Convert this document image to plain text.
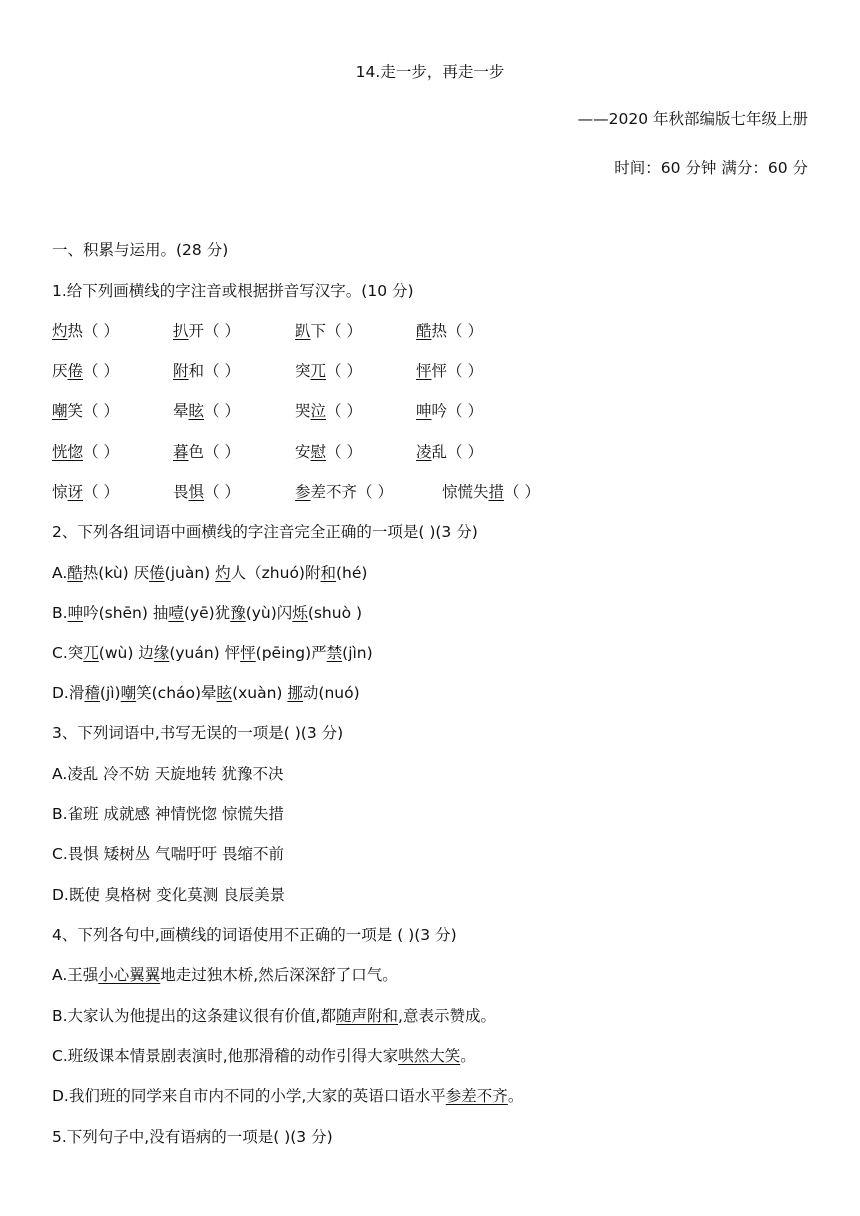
14.走一步，再走一步
——2020 年秋部编版七年级上册
时间：60 分钟 满分：60 分
一、积累与运用。(28 分)
1.给下列画横线的字注音或根据拼音写汉字。(10 分)
灼热（ ）	扒开（ ）	趴下（ ）	酷热（ ）
厌倦（ ）	附和（ ）	突兀（ ）	怦怦（ ）
嘲笑（ ）	晕眩（ ）	哭泣（ ）	呻吟（ ）
恍惚（ ）	暮色（ ）	安慰（ ）	凌乱（ ）
惊讶（ ）	畏惧（ ）	参差不齐（ ）	惊慌失措（ ）
2、下列各组词语中画横线的字注音完全正确的一项是( )(3 分)
A.酷热(kù) 厌倦(juàn) 灼人（zhuó)附和(hé)
B.呻吟(shēn) 抽噎(yē)犹豫(yù)闪烁(shuò )
C.突兀(wù) 边缘(yuán) 怦怦(pēing)严禁(jìn)
D.滑稽(jì)嘲笑(cháo)晕眩(xuàn) 挪动(nuó)
3、下列词语中,书写无误的一项是( )(3 分)
A.凌乱 冷不妨 天旋地转 犹豫不决
B.雀班 成就感 神情恍惚 惊慌失措
C.畏惧 矮树丛 气喘吁吁 畏缩不前
D.既使 臭格树 变化莫测 良辰美景
4、下列各句中,画横线的词语使用不正确的一项是 ( )(3 分)
A.王强小心翼翼地走过独木桥,然后深深舒了口气。
B.大家认为他提出的这条建议很有价值,都随声附和,意表示赞成。
C.班级课本情景剧表演时,他那滑稽的动作引得大家哄然大笑。
D.我们班的同学来自市内不同的小学,大家的英语口语水平参差不齐。
5.下列句子中,没有语病的一项是( )(3 分)
